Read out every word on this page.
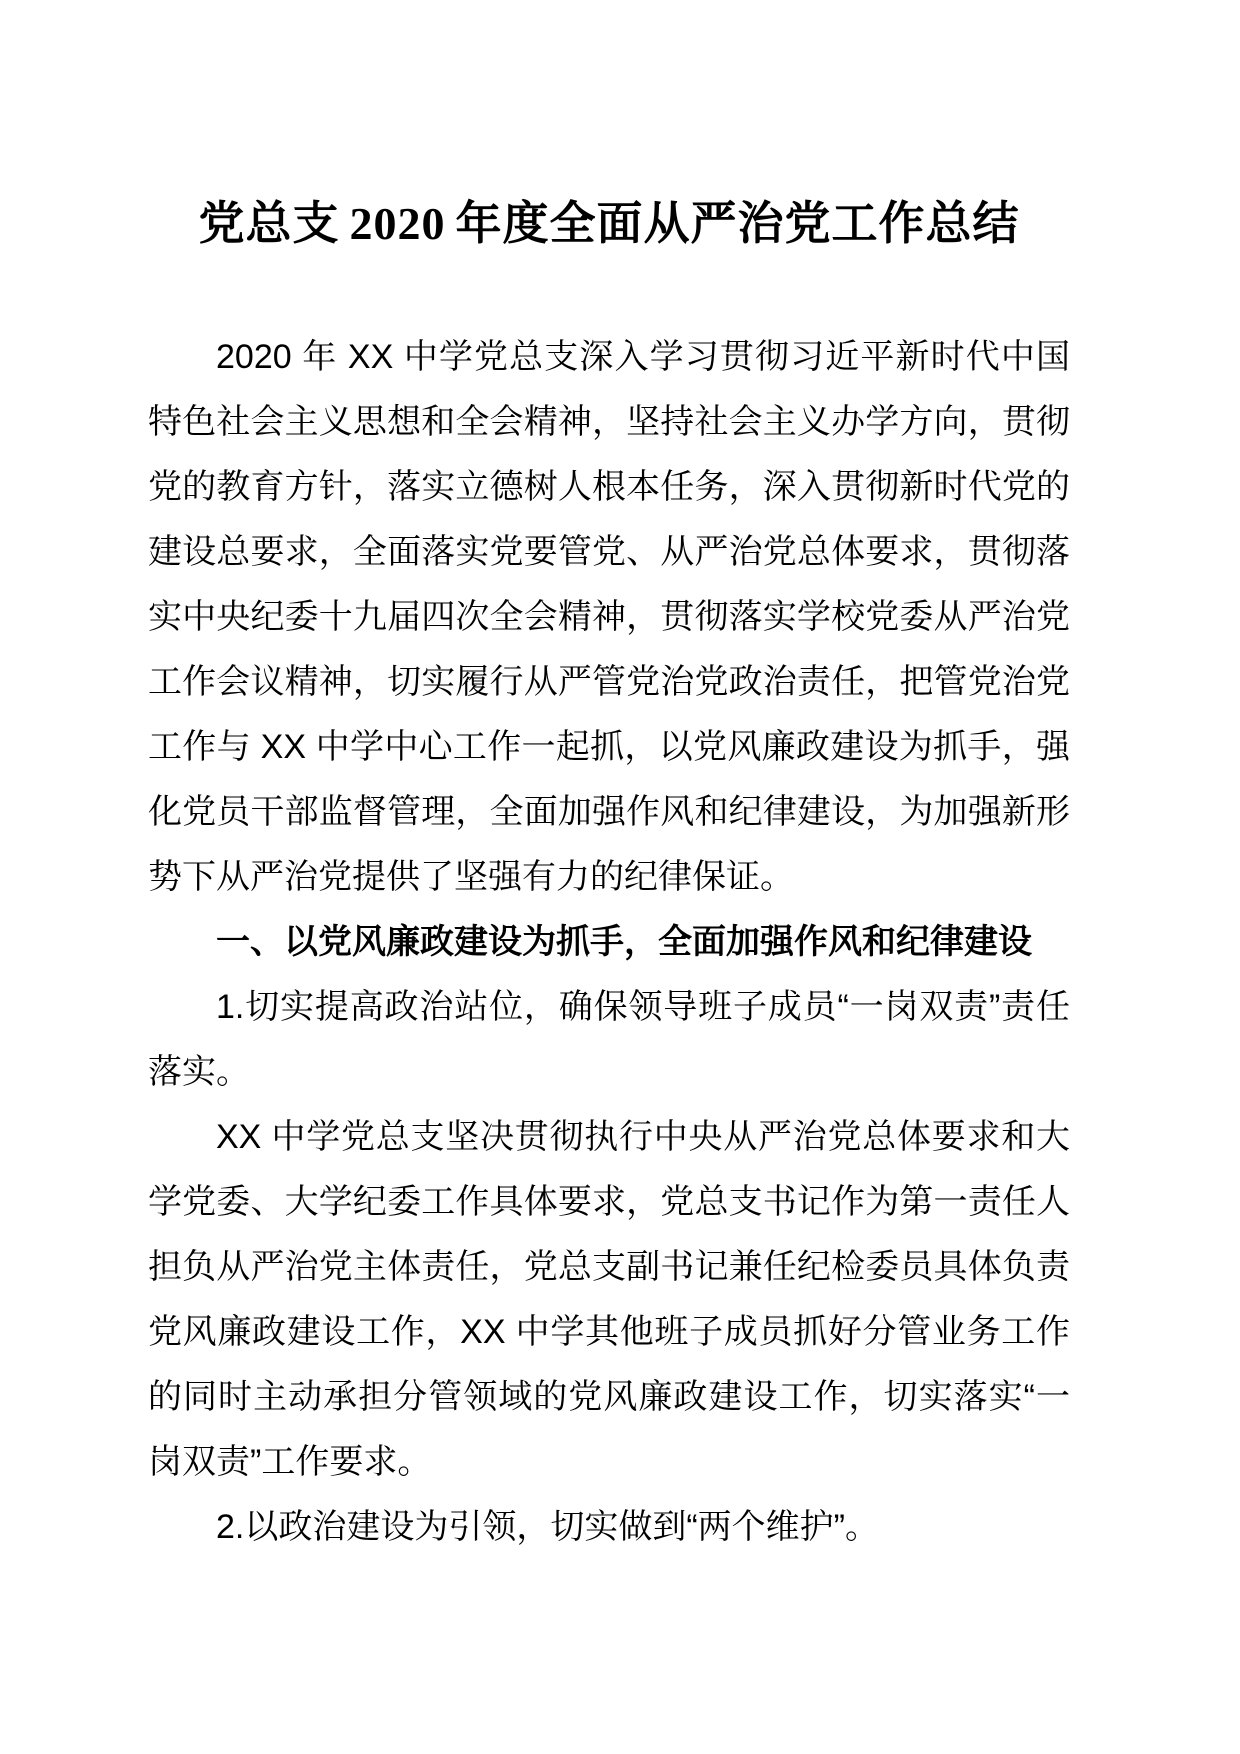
党总支 2020 年度全面从严治党工作总结

2020 年 XX 中学党总支深入学习贯彻习近平新时代中国特色社会主义思想和全会精神，坚持社会主义办学方向，贯彻党的教育方针，落实立德树人根本任务，深入贯彻新时代党的建设总要求，全面落实党要管党、从严治党总体要求，贯彻落实中央纪委十九届四次全会精神，贯彻落实学校党委从严治党工作会议精神，切实履行从严管党治党政治责任，把管党治党工作与 XX 中学中心工作一起抓，以党风廉政建设为抓手，强化党员干部监督管理，全面加强作风和纪律建设，为加强新形势下从严治党提供了坚强有力的纪律保证。

一、以党风廉政建设为抓手，全面加强作风和纪律建设

1.切实提高政治站位，确保领导班子成员“一岗双责”责任落实。

XX 中学党总支坚决贯彻执行中央从严治党总体要求和大学党委、大学纪委工作具体要求，党总支书记作为第一责任人担负从严治党主体责任，党总支副书记兼任纪检委员具体负责党风廉政建设工作，XX 中学其他班子成员抓好分管业务工作的同时主动承担分管领域的党风廉政建设工作，切实落实“一岗双责”工作要求。

2.以政治建设为引领，切实做到“两个维护”。
